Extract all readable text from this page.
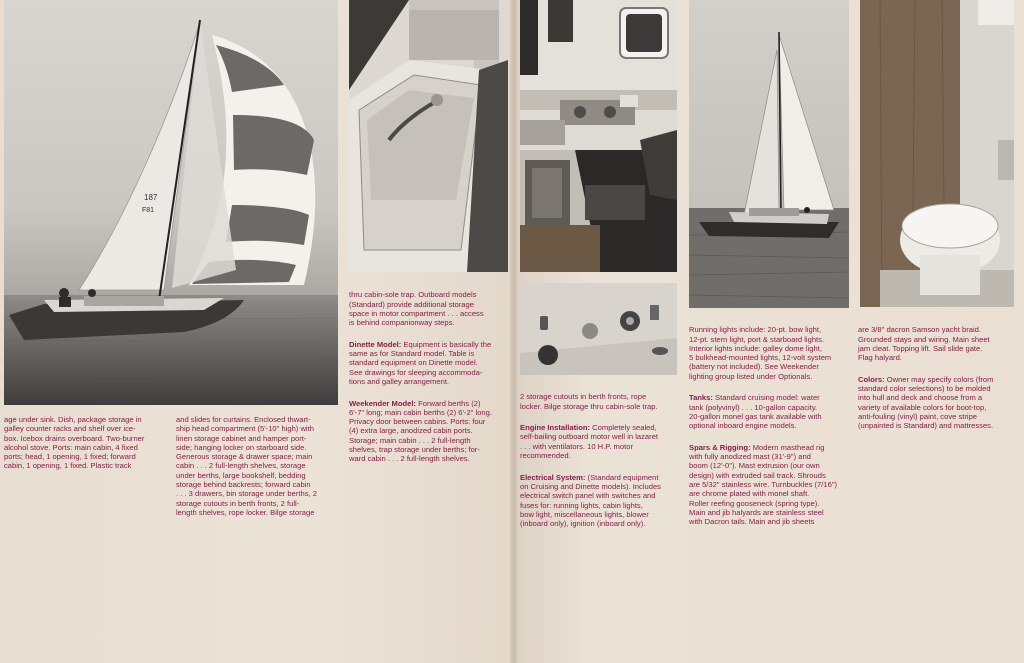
187
F81
age under sink. Dish, package storage in
galley counter racks and shelf over ice-
box. Icebox drains overboard. Two-burner
alcohol stove. Ports: main cabin, 4 fixed
ports; head, 1 opening, 1 fixed; forward
cabin, 1 opening, 1 fixed. Plastic track
and slides for curtains. Enclosed thwart-
ship head compartment (5'-10" high) with
linen storage cabinet and hamper port-
side; hanging locker on starboard side.
Generous storage & drawer space; main
cabin . . . 2 full-length shelves, storage
under berths, large bookshelf, bedding
storage behind backrests; forward cabin
. . . 3 drawers, bin storage under berths, 2
storage cutouts in berth fronts, 2 full-
length shelves, rope locker. Bilge storage

thru cabin-sole trap. Outboard models
(Standard) provide additional storage
space in motor compartment . . . access
is behind companionway steps.

Dinette Model: Equipment is basically the
same as for Standard model. Table is
standard equipment on Dinette model.
See drawings for sleeping accommoda-
tions and galley arrangement.

Weekender Model: Forward berths (2)
6'-7" long; main cabin berths (2) 6'-2" long.
Privacy door between cabins. Ports: four
(4) extra large, anodized cabin ports.
Storage; main cabin . . . 2 full-length
shelves, trap storage under berths; for-
ward cabin . . . 2 full-length shelves.

2 storage cutouts in berth fronts, rope
locker. Bilge storage thru cabin-sole trap.

Engine Installation: Completely sealed,
self-bailing outboard motor well in lazaret
. . . with ventilators. 10 H.P. motor
recommended.

Electrical System: (Standard equipment
on Cruising and Dinette models). Includes
electrical switch panel with switches and
fuses for: running lights, cabin lights,
bow light, miscellaneous lights, blower
(inboard only), ignition (inboard only).

Running lights include: 20-pt. bow light,
12-pt. stern light, port & starboard lights.
Interior lights include: galley dome light,
5 bulkhead-mounted lights, 12-volt system
(battery not included). See Weekender
lighting group listed under Optionals.

Tanks: Standard cruising model: water
tank (polyvinyl) . . . 10-gallon capacity.
20-gallon monel gas tank available with
optional inboard engine models.

Spars & Rigging: Modern masthead rig
with fully anodized mast (31'-9") and
boom (12'-0"). Mast extrusion (our own
design) with extruded sail track. Shrouds
are 5/32" stainless wire. Turnbuckles (7/16")
are chrome plated with monel shaft.
Roller reefing gooseneck (spring type).
Main and jib halyards are stainless steel
with Dacron tails. Main and jib sheets

are 3/8" dacron Samson yacht braid.
Grounded stays and wiring. Main sheet
jam cleat. Topping lift. Sail slide gate.
Flag halyard.

Colors: Owner may specify colors (from
standard color selections) to be molded
into hull and deck and choose from a
variety of available colors for boot-top,
anti-fouling (vinyl) paint, cove stripe
(unpainted is Standard) and mattresses.
